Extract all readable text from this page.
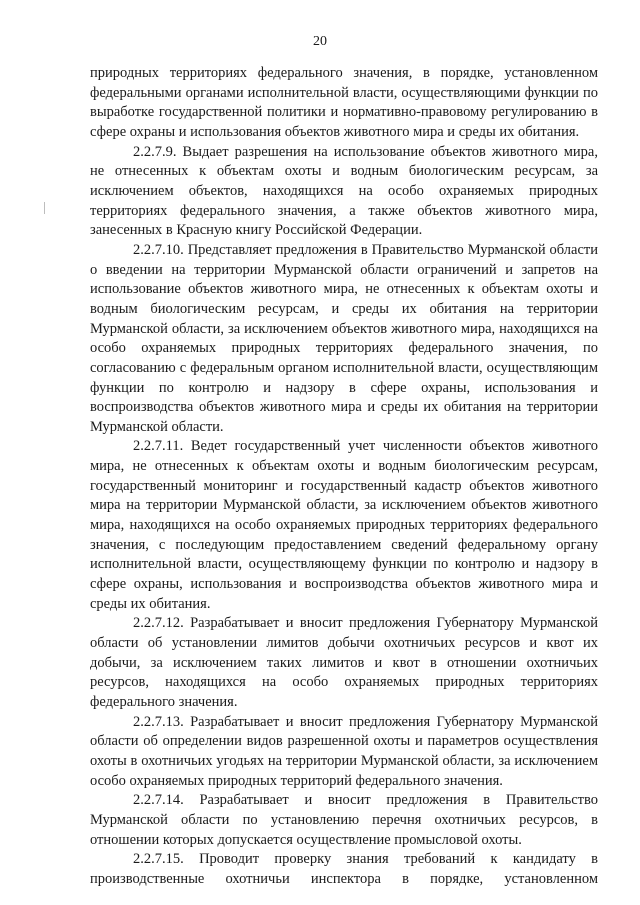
20

природных территориях федерального значения, в порядке, установленном федеральными органами исполнительной власти, осуществляющими функции по выработке государственной политики и нормативно-правовому регулированию в сфере охраны и использования объектов животного мира и среды их обитания.

2.2.7.9. Выдает разрешения на использование объектов животного мира, не отнесенных к объектам охоты и водным биологическим ресурсам, за исключением объектов, находящихся на особо охраняемых природных территориях федерального значения, а также объектов животного мира, занесенных в Красную книгу Российской Федерации.

2.2.7.10. Представляет предложения в Правительство Мурманской области о введении на территории Мурманской области ограничений и запретов на использование объектов животного мира, не отнесенных к объектам охоты и водным биологическим ресурсам, и среды их обитания на территории Мурманской области, за исключением объектов животного мира, находящихся на особо охраняемых природных территориях федерального значения, по согласованию с федеральным органом исполнительной власти, осуществляющим функции по контролю и надзору в сфере охраны, использования и воспроизводства объектов животного мира и среды их обитания на территории Мурманской области.

2.2.7.11. Ведет государственный учет численности объектов животного мира, не отнесенных к объектам охоты и водным биологическим ресурсам, государственный мониторинг и государственный кадастр объектов животного мира на территории Мурманской области, за исключением объектов животного мира, находящихся на особо охраняемых природных территориях федерального значения, с последующим предоставлением сведений федеральному органу исполнительной власти, осуществляющему функции по контролю и надзору в сфере охраны, использования и воспроизводства объектов животного мира и среды их обитания.

2.2.7.12. Разрабатывает и вносит предложения Губернатору Мурманской области об установлении лимитов добычи охотничьих ресурсов и квот их добычи, за исключением таких лимитов и квот в отношении охотничьих ресурсов, находящихся на особо охраняемых природных территориях федерального значения.

2.2.7.13. Разрабатывает и вносит предложения Губернатору Мурманской области об определении видов разрешенной охоты и параметров осуществления охоты в охотничьих угодьях на территории Мурманской области, за исключением особо охраняемых природных территорий федерального значения.

2.2.7.14. Разрабатывает и вносит предложения в Правительство Мурманской области по установлению перечня охотничьих ресурсов, в отношении которых допускается осуществление промысловой охоты.

2.2.7.15. Проводит проверку знания требований к кандидату в производственные охотничьи инспектора в порядке, установленном
